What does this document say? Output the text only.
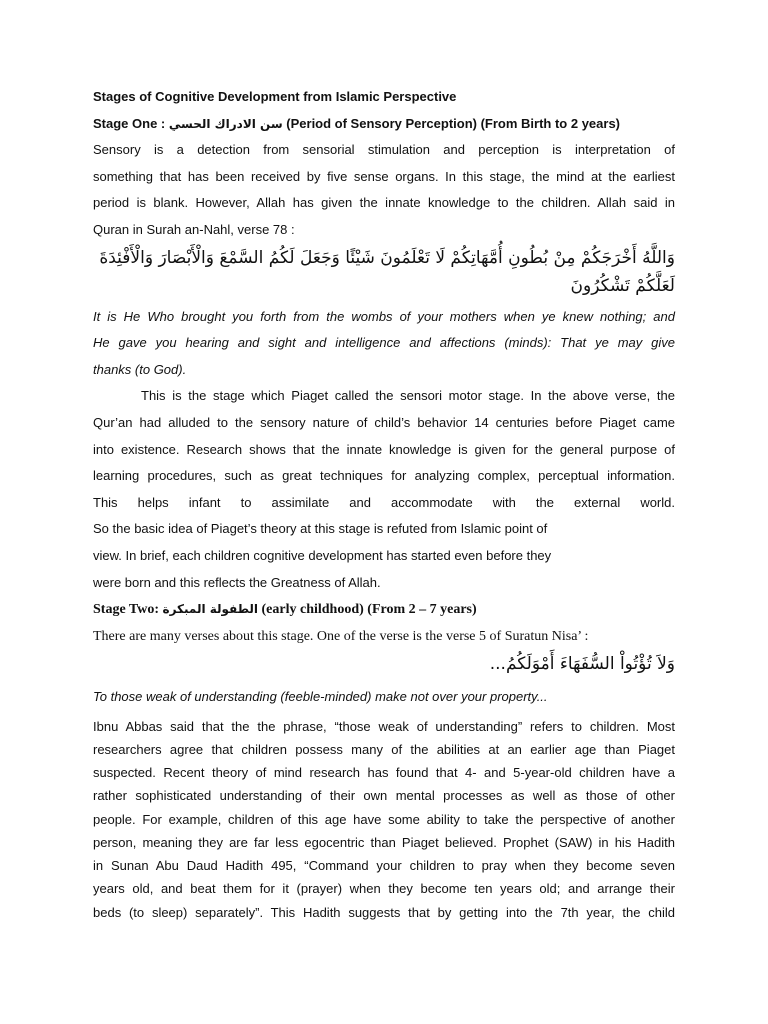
Stages of Cognitive Development from Islamic Perspective
Stage One : سن الادراك الحسي (Period of Sensory Perception) (From Birth to 2 years)
Sensory is a detection from sensorial stimulation and perception is interpretation of
something that has been received by five sense organs. In this stage, the mind at the earliest
period is blank. However, Allah has given the innate knowledge to the children. Allah said in
Quran in Surah an-Nahl, verse 78 :
وَاللَّهُ أَخْرَجَكُمْ مِنْ بُطُونِ أُمَّهَاتِكُمْ لَا تَعْلَمُونَ شَيْئًا وَجَعَلَ لَكُمُ السَّمْعَ وَالْأَبْصَارَ وَالْأَفْئِدَةَ لَعَلَّكُمْ تَشْكُرُونَ
It is He Who brought you forth from the wombs of your mothers when ye knew nothing; and
He gave you hearing and sight and intelligence and affections (minds): That ye may give
thanks (to God).
This is the stage which Piaget called the sensori motor stage. In the above verse, the
Qur’an had alluded to the sensory nature of child’s behavior 14 centuries before Piaget came
into existence. Research shows that the innate knowledge is given for the general purpose of
learning procedures, such as great techniques for analyzing complex, perceptual information.
This helps infant to assimilate and accommodate with the external world.
So the basic idea of Piaget’s theory at this stage is refuted from Islamic point of
view. In brief, each children cognitive development has started even before they
were born and this reflects the Greatness of Allah.
Stage Two: الطفولة المبكرة (early childhood) (From 2 – 7 years)
There are many verses about this stage. One of the verse is the verse 5 of Suratun Nisa’ :
وَلاَ تُؤْتُواْ السُّفَهَاءَ أَمْوَلَكُمُ...
To those weak of understanding (feeble-minded) make not over your property...
Ibnu Abbas said that the the phrase, “those weak of understanding” refers to children. Most
researchers agree that children possess many of the abilities at an earlier age than Piaget
suspected. Recent theory of mind research has found that 4- and 5-year-old children have a
rather sophisticated understanding of their own mental processes as well as those of other
people. For example, children of this age have some ability to take the perspective of another
person, meaning they are far less egocentric than Piaget believed. Prophet (SAW) in his Hadith
in Sunan Abu Daud Hadith 495, “Command your children to pray when they become seven
years old, and beat them for it (prayer) when they become ten years old; and arrange their
beds (to sleep) separately”. This Hadith suggests that by getting into the 7th year, the child
